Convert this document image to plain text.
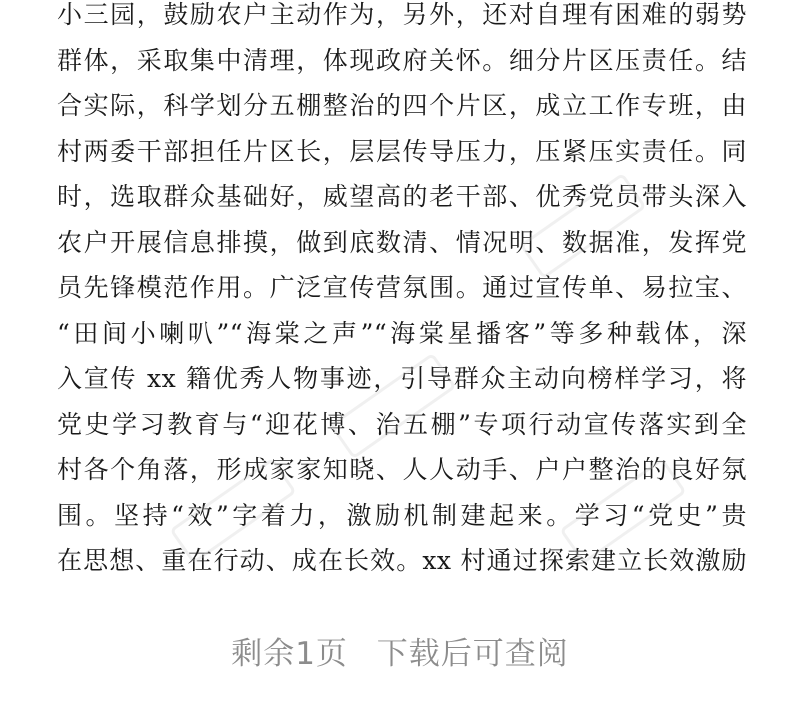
小三园，鼓励农户主动作为，另外，还对自理有困难的弱势
群体，采取集中清理，体现政府关怀。细分片区压责任。结
合实际，科学划分五棚整治的四个片区，成立工作专班，由
村两委干部担任片区长，层层传导压力，压紧压实责任。同
时，选取群众基础好，威望高的老干部、优秀党员带头深入
农户开展信息排摸，做到底数清、情况明、数据准，发挥党
员先锋模范作用。广泛宣传营氛围。通过宣传单、易拉宝、
“田间小喇叭”“海棠之声”“海棠星播客”等多种载体，深
入宣传 xx 籍优秀人物事迹，引导群众主动向榜样学习，将
党史学习教育与“迎花博、治五棚”专项行动宣传落实到全
村各个角落，形成家家知晓、人人动手、户户整治的良好氛
围。坚持“效”字着力，激励机制建起来。学习“党史”贵
在思想、重在行动、成在长效。xx 村通过探索建立长效激励
剩余1页 下载后可查阅
